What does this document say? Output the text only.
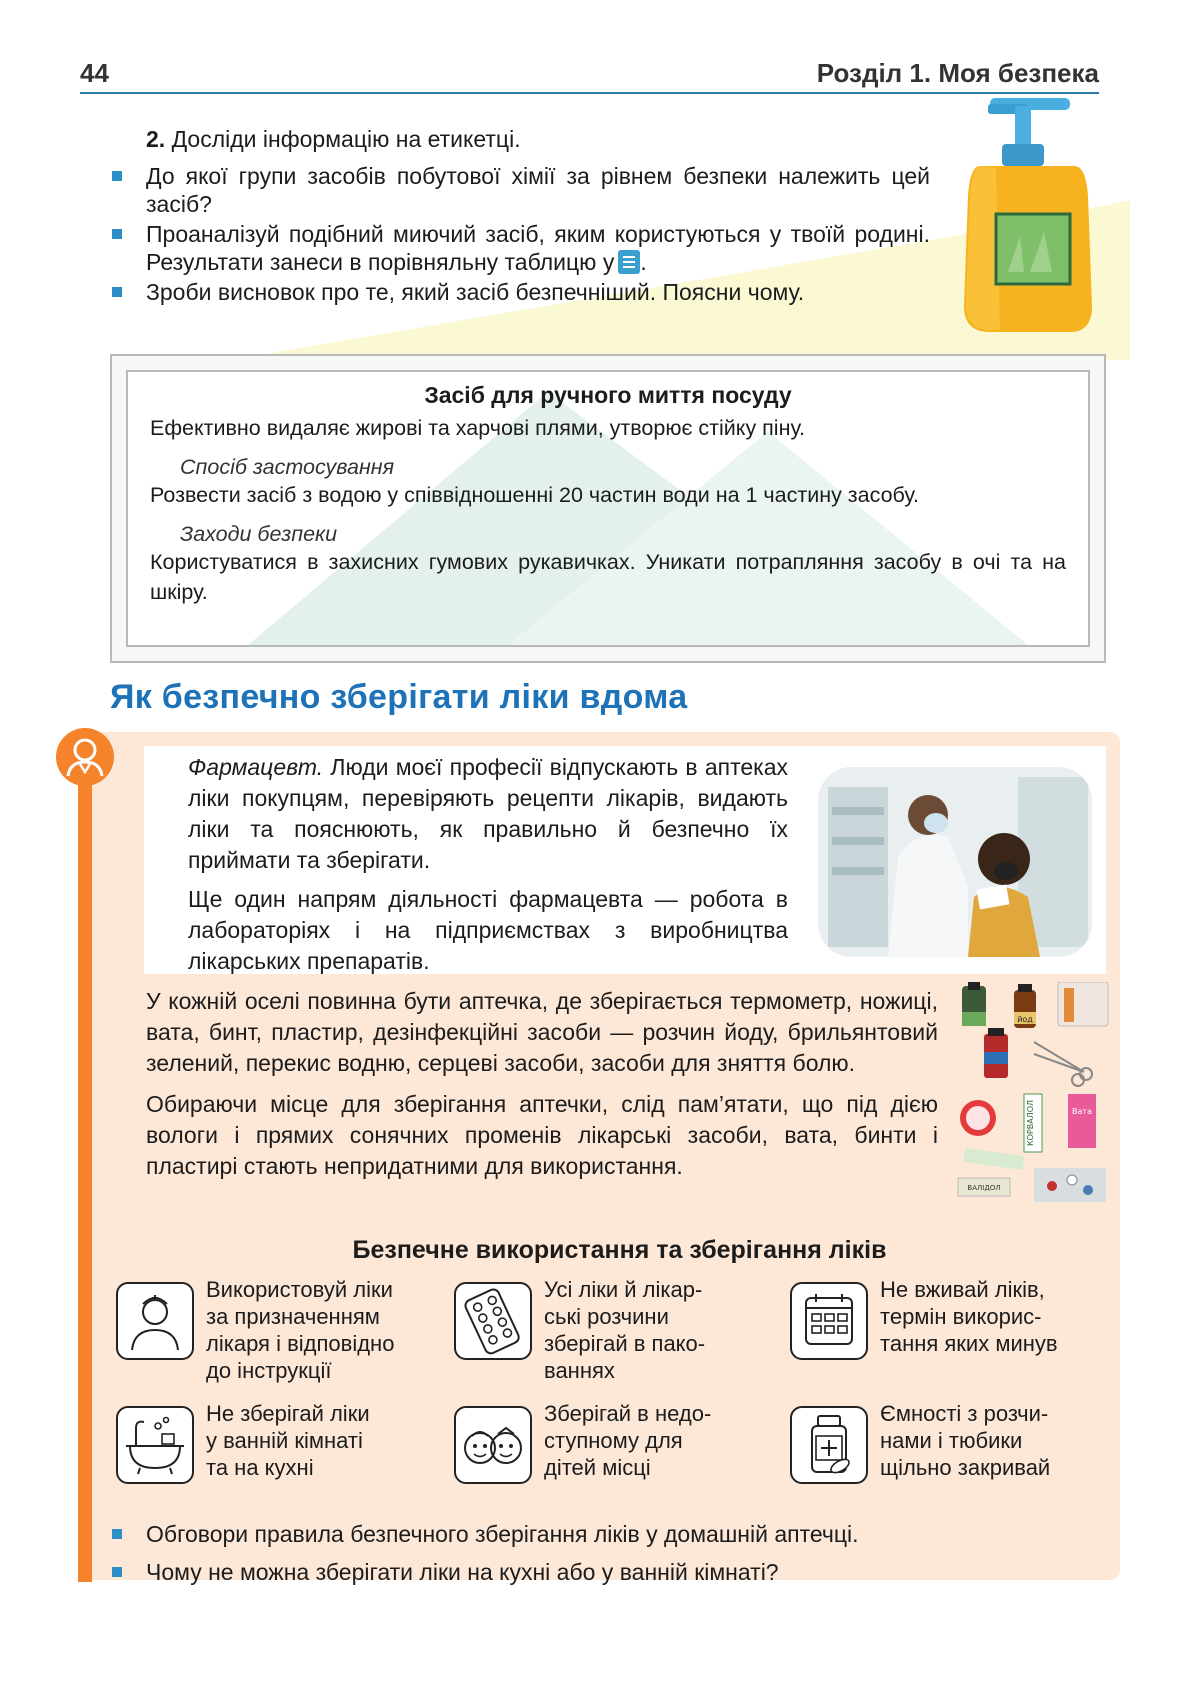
44	Розділ 1. Моя безпека
2. Досліди інформацію на етикетці.
До якої групи засобів побутової хімії за рівнем безпеки належить цей засіб?
Проаналізуй подібний миючий засіб, яким користуються у твоїй родині. Результати занеси в порівняльну таблицю у .
Зроби висновок про те, який засіб безпечніший. Поясни чому.
Засіб для ручного миття посуду
Ефективно видаляє жирові та харчові плями, утворює стійку піну.
Спосіб застосування
Розвести засіб з водою у співвідношенні 20 частин води на 1 частину засобу.
Заходи безпеки
Користуватися в захисних гумових рукавичках. Уникати потрапляння засобу в очі та на шкіру.
Як безпечно зберігати ліки вдома

Фармацевт. Люди моєї професії відпускають в аптеках ліки покупцям, перевіряють рецепти лікарів, видають ліки та пояснюють, як правильно й безпечно їх приймати та зберігати.

Ще один напрям діяльності фармацевта — робота в лабораторіях і на підприємствах з виробництва лікарських препаратів.

У кожній оселі повинна бути аптечка, де зберігається термометр, ножиці, вата, бинт, пластир, дезінфекційні засоби — розчин йоду, брильянтовий зелений, перекис водню, серцеві засоби, засоби для зняття болю.

Обираючи місце для зберігання аптечки, слід пам’ятати, що під дією вологи і прямих сонячних променів лікарські засоби, вата, бинти і пластирі стають непридатними для використання.

йод
КОРВАЛОЛ	Вата
ВАЛІДОЛ
Безпечне використання та зберігання ліків
Використовуй ліки
за призначенням
лікаря і відповідно
до інструкції
Усі ліки й лікар-
ські розчини
зберігай в пако-
ваннях
Не вживай ліків,
термін викорис-
тання яких минув
Не зберігай ліки
у ванній кімнаті
та на кухні
Зберігай в недо-
ступному для
дітей місці
Ємності з розчи-
нами і тюбики
щільно закривай
Обговори правила безпечного зберігання ліків у домашній аптечці.
Чому не можна зберігати ліки на кухні або у ванній кімнаті?
